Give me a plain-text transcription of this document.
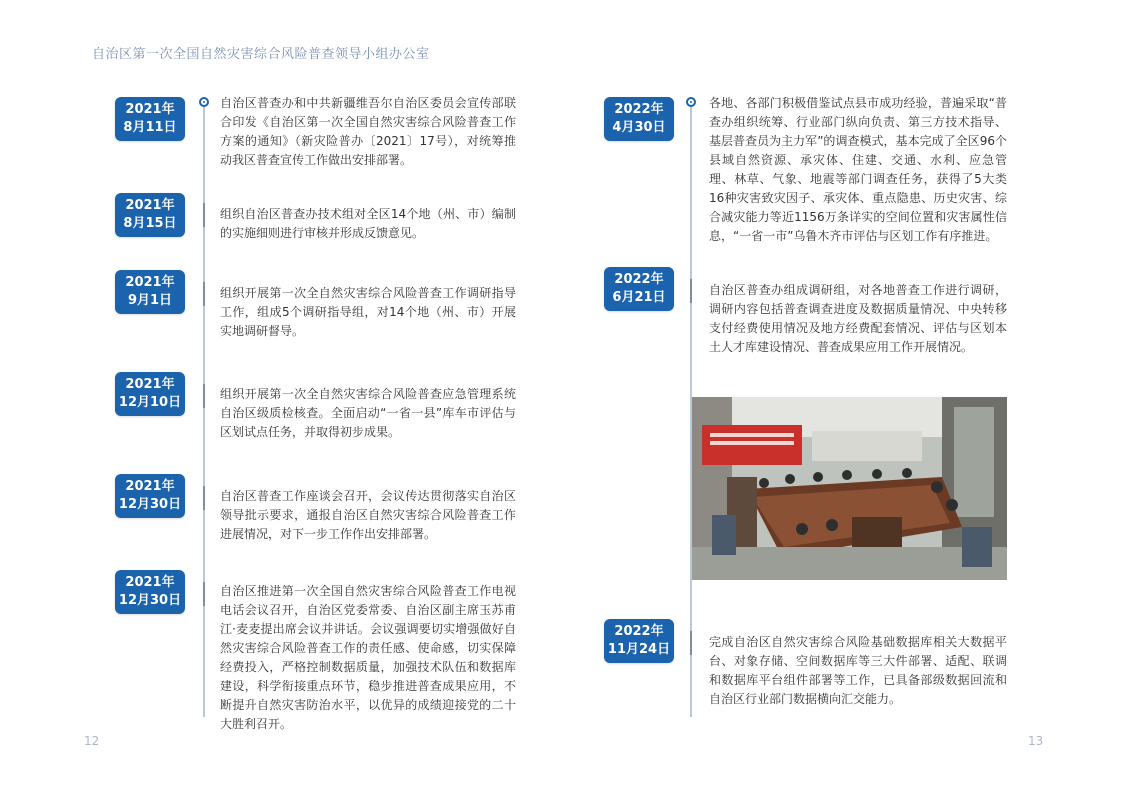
自治区第一次全国自然灾害综合风险普查领导小组办公室
2021年
8月11日
自治区普查办和中共新疆维吾尔自治区委员会宣传部联合印发《自治区第一次全国自然灾害综合风险普查工作方案的通知》（新灾险普办〔2021〕17号），对统筹推动我区普查宣传工作做出安排部署。
2021年
8月15日
组织自治区普查办技术组对全区14个地（州、市）编制的实施细则进行审核并形成反馈意见。
2021年
9月1日	组织开展第一次全自然灾害综合风险普查工作调研指导工作，组成5个调研指导组，对14个地（州、市）开展实地调研督导。
2021年
12月10日
组织开展第一次全自然灾害综合风险普查应急管理系统自治区级质检核查。全面启动“一省一县”库车市评估与区划试点任务，并取得初步成果。
2021年
12月30日
自治区普查工作座谈会召开，会议传达贯彻落实自治区领导批示要求，通报自治区自然灾害综合风险普查工作进展情况，对下一步工作作出安排部署。
2021年
12月30日
自治区推进第一次全国自然灾害综合风险普查工作电视电话会议召开，自治区党委常委、自治区副主席玉苏甫江·麦麦提出席会议并讲话。会议强调要切实增强做好自然灾害综合风险普查工作的责任感、使命感，切实保障经费投入，严格控制数据质量，加强技术队伍和数据库建设，科学衔接重点环节，稳步推进普查成果应用，不断提升自然灾害防治水平，以优异的成绩迎接党的二十大胜利召开。
2022年
4月30日
各地、各部门积极借鉴试点县市成功经验，普遍采取“普查办组织统筹、行业部门纵向负责、第三方技术指导、基层普查员为主力军”的调查模式，基本完成了全区96个县域自然资源、承灾体、住建、交通、水利、应急管理、林草、气象、地震等部门调查任务，获得了5大类16种灾害致灾因子、承灾体、重点隐患、历史灾害、综合减灾能力等近1156万条详实的空间位置和灾害属性信息，“一省一市”乌鲁木齐市评估与区划工作有序推进。
2022年
6月21日	自治区普查办组成调研组，对各地普查工作进行调研，调研内容包括普查调查进度及数据质量情况、中央转移支付经费使用情况及地方经费配套情况、评估与区划本土人才库建设情况、普查成果应用工作开展情况。
2022年
11月24日	完成自治区自然灾害综合风险基础数据库相关大数据平台、对象存储、空间数据库等三大件部署、适配、联调和数据库平台组件部署等工作，已具备部级数据回流和自治区行业部门数据横向汇交能力。
12	13
